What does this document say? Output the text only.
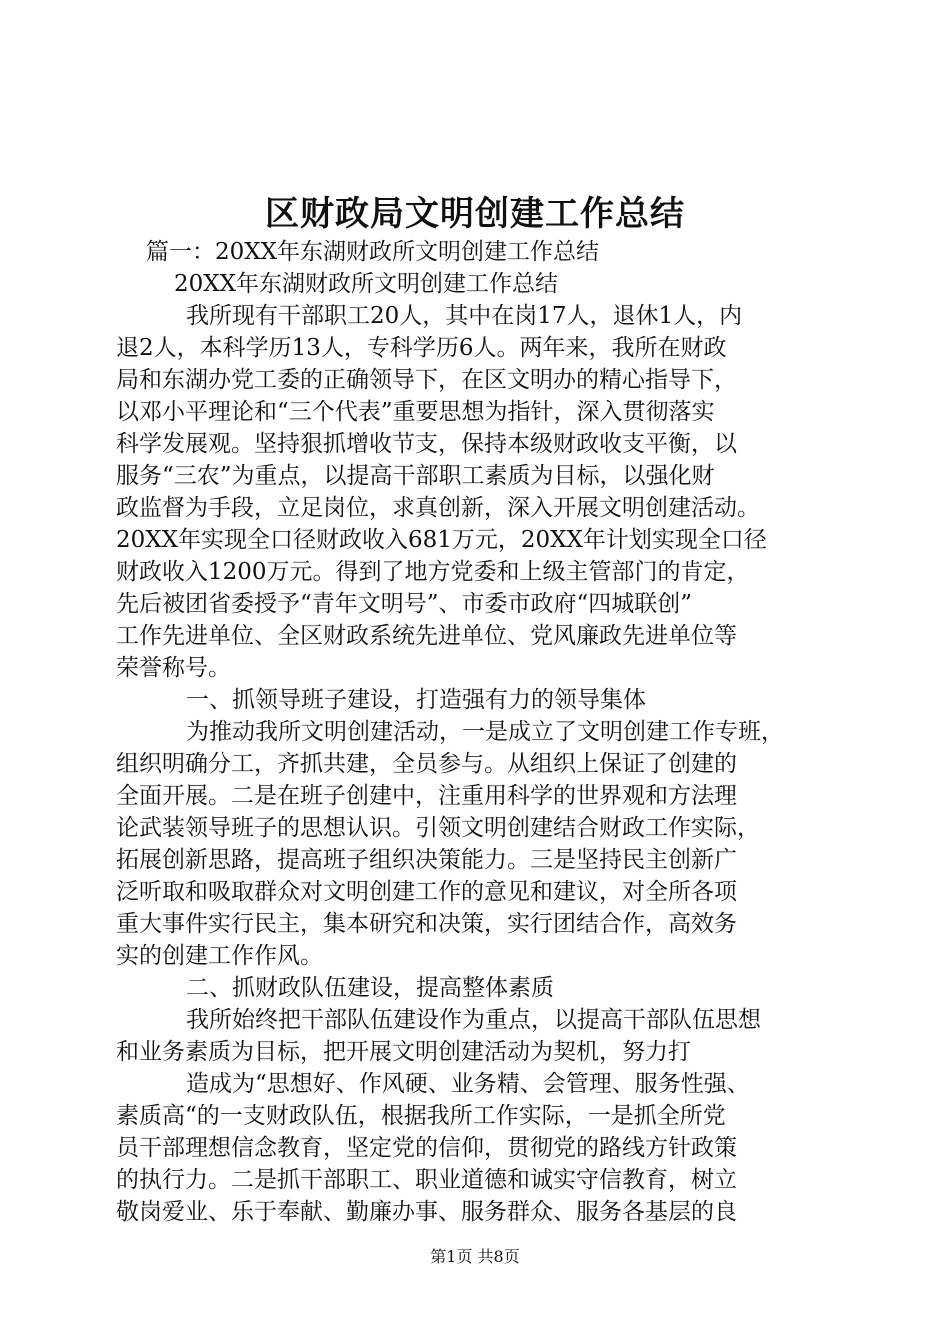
区财政局文明创建工作总结
篇一：20XX年东湖财政所文明创建工作总结
20XX年东湖财政所文明创建工作总结
我所现有干部职工20人，其中在岗17人，退休1人，内
退2人，本科学历13人，专科学历6人。两年来，我所在财政
局和东湖办党工委的正确领导下，在区文明办的精心指导下，
以邓小平理论和“三个代表”重要思想为指针，深入贯彻落实
科学发展观。坚持狠抓增收节支，保持本级财政收支平衡，以
服务“三农”为重点，以提高干部职工素质为目标，以强化财
政监督为手段，立足岗位，求真创新，深入开展文明创建活动。
20XX年实现全口径财政收入681万元，20XX年计划实现全口径
财政收入1200万元。得到了地方党委和上级主管部门的肯定，
先后被团省委授予“青年文明号”、市委市政府“四城联创”
工作先进单位、全区财政系统先进单位、党风廉政先进单位等
荣誉称号。
一、抓领导班子建设，打造强有力的领导集体
为推动我所文明创建活动，一是成立了文明创建工作专班，
组织明确分工，齐抓共建，全员参与。从组织上保证了创建的
全面开展。二是在班子创建中，注重用科学的世界观和方法理
论武装领导班子的思想认识。引领文明创建结合财政工作实际，
拓展创新思路，提高班子组织决策能力。三是坚持民主创新广
泛听取和吸取群众对文明创建工作的意见和建议，对全所各项
重大事件实行民主，集本研究和决策，实行团结合作，高效务
实的创建工作作风。
二、抓财政队伍建设，提高整体素质
我所始终把干部队伍建设作为重点，以提高干部队伍思想
和业务素质为目标，把开展文明创建活动为契机，努力打
造成为“思想好、作风硬、业务精、会管理、服务性强、
素质高“的一支财政队伍，根据我所工作实际，一是抓全所党
员干部理想信念教育，坚定党的信仰，贯彻党的路线方针政策
的执行力。二是抓干部职工、职业道德和诚实守信教育，树立
敬岗爱业、乐于奉献、勤廉办事、服务群众、服务各基层的良
第1页 共8页
